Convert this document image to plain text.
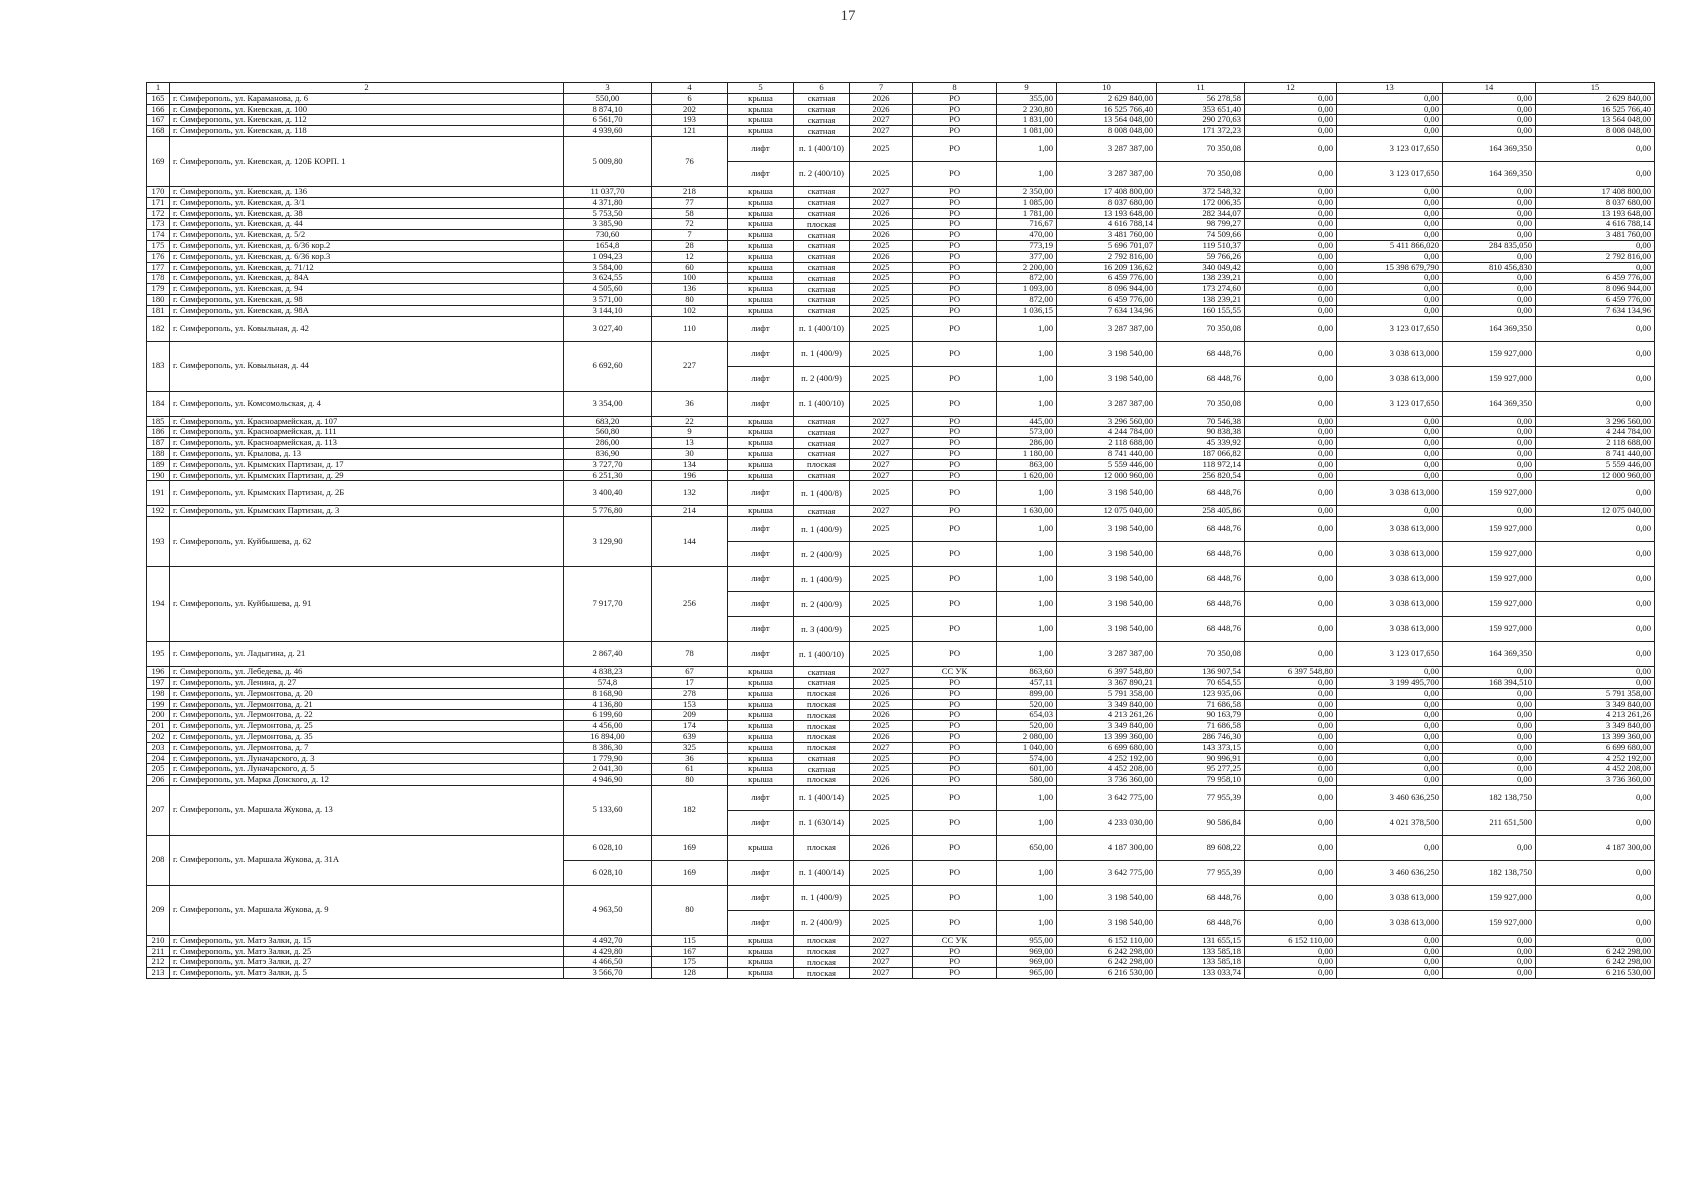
17
1	2	3	4	5	6	7	8	9	10	11	12	13	14	15
165	г. Симферополь, ул. Караманова, д. 6	550,00	6	крыша	скатная	2026	РО	355,00	2 629 840,00	56 278,58	0,00	0,00	0,00	2 629 840,00
166	г. Симферополь, ул. Киевская, д. 100	8 874,10	202	крыша	скатная	2026	РО	2 230,80	16 525 766,40	353 651,40	0,00	0,00	0,00	16 525 766,40
167	г. Симферополь, ул. Киевская, д. 112	6 561,70	193	крыша	скатная	2027	РО	1 831,00	13 564 048,00	290 270,63	0,00	0,00	0,00	13 564 048,00
168	г. Симферополь, ул. Киевская, д. 118	4 939,60	121	крыша	скатная	2027	РО	1 081,00	8 008 048,00	171 372,23	0,00	0,00	0,00	8 008 048,00
169	г. Симферополь, ул. Киевская, д. 120Б КОРП. 1	5 009,80	76	лифт	п. 1 (400/10)	2025	РО	1,00	3 287 387,00	70 350,08	0,00	3 123 017,650	164 369,350	0,00
				лифт	п. 2 (400/10)	2025	РО	1,00	3 287 387,00	70 350,08	0,00	3 123 017,650	164 369,350	0,00
170	г. Симферополь, ул. Киевская, д. 136	11 037,70	218	крыша	скатная	2027	РО	2 350,00	17 408 800,00	372 548,32	0,00	0,00	0,00	17 408 800,00
171	г. Симферополь, ул. Киевская, д. 3/1	4 371,80	77	крыша	скатная	2027	РО	1 085,00	8 037 680,00	172 006,35	0,00	0,00	0,00	8 037 680,00
172	г. Симферополь, ул. Киевская, д. 38	5 753,50	58	крыша	скатная	2026	РО	1 781,00	13 193 648,00	282 344,07	0,00	0,00	0,00	13 193 648,00
173	г. Симферополь, ул. Киевская, д. 44	3 385,90	72	крыша	плоская	2025	РО	716,67	4 616 788,14	98 799,27	0,00	0,00	0,00	4 616 788,14
174	г. Симферополь, ул. Киевская, д. 5/2	730,60	7	крыша	скатная	2026	РО	470,00	3 481 760,00	74 509,66	0,00	0,00	0,00	3 481 760,00
175	г. Симферополь, ул. Киевская, д. 6/36 кор.2	1654,8	28	крыша	скатная	2025	РО	773,19	5 696 701,07	119 510,37	0,00	5 411 866,020	284 835,050	0,00
176	г. Симферополь, ул. Киевская, д. 6/36 кор.3	1 094,23	12	крыша	скатная	2026	РО	377,00	2 792 816,00	59 766,26	0,00	0,00	0,00	2 792 816,00
177	г. Симферополь, ул. Киевская, д. 71/12	3 584,00	60	крыша	скатная	2025	РО	2 200,00	16 209 136,62	340 049,42	0,00	15 398 679,790	810 456,830	0,00
178	г. Симферополь, ул. Киевская, д. 84А	3 624,55	100	крыша	скатная	2025	РО	872,00	6 459 776,00	138 239,21	0,00	0,00	0,00	6 459 776,00
179	г. Симферополь, ул. Киевская, д. 94	4 505,60	136	крыша	скатная	2025	РО	1 093,00	8 096 944,00	173 274,60	0,00	0,00	0,00	8 096 944,00
180	г. Симферополь, ул. Киевская, д. 98	3 571,00	80	крыша	скатная	2025	РО	872,00	6 459 776,00	138 239,21	0,00	0,00	0,00	6 459 776,00
181	г. Симферополь, ул. Киевская, д. 98А	3 144,10	102	крыша	скатная	2025	РО	1 036,15	7 634 134,96	160 155,55	0,00	0,00	0,00	7 634 134,96
182	г. Симферополь, ул. Ковыльная, д. 42	3 027,40	110	лифт	п. 1 (400/10)	2025	РО	1,00	3 287 387,00	70 350,08	0,00	3 123 017,650	164 369,350	0,00
183	г. Симферополь, ул. Ковыльная, д. 44	6 692,60	227	лифт	п. 1 (400/9)	2025	РО	1,00	3 198 540,00	68 448,76	0,00	3 038 613,000	159 927,000	0,00
				лифт	п. 2 (400/9)	2025	РО	1,00	3 198 540,00	68 448,76	0,00	3 038 613,000	159 927,000	0,00
184	г. Симферополь, ул. Комсомольская, д. 4	3 354,00	36	лифт	п. 1 (400/10)	2025	РО	1,00	3 287 387,00	70 350,08	0,00	3 123 017,650	164 369,350	0,00
185	г. Симферополь, ул. Красноармейская, д. 107	683,20	22	крыша	скатная	2027	РО	445,00	3 296 560,00	70 546,38	0,00	0,00	0,00	3 296 560,00
186	г. Симферополь, ул. Красноармейская, д. 111	560,80	9	крыша	скатная	2027	РО	573,00	4 244 784,00	90 838,38	0,00	0,00	0,00	4 244 784,00
187	г. Симферополь, ул. Красноармейская, д. 113	286,00	13	крыша	скатная	2027	РО	286,00	2 118 688,00	45 339,92	0,00	0,00	0,00	2 118 688,00
188	г. Симферополь, ул. Крылова, д. 13	836,90	30	крыша	скатная	2027	РО	1 180,00	8 741 440,00	187 066,82	0,00	0,00	0,00	8 741 440,00
189	г. Симферополь, ул. Крымских Партизан, д. 17	3 727,70	134	крыша	плоская	2027	РО	863,00	5 559 446,00	118 972,14	0,00	0,00	0,00	5 559 446,00
190	г. Симферополь, ул. Крымских Партизан, д. 29	6 251,30	196	крыша	скатная	2027	РО	1 620,00	12 000 960,00	256 820,54	0,00	0,00	0,00	12 000 960,00
191	г. Симферополь, ул. Крымских Партизан, д. 2Б	3 400,40	132	лифт	п. 1 (400/8)	2025	РО	1,00	3 198 540,00	68 448,76	0,00	3 038 613,000	159 927,000	0,00
192	г. Симферополь, ул. Крымских Партизан, д. 3	5 776,80	214	крыша	скатная	2027	РО	1 630,00	12 075 040,00	258 405,86	0,00	0,00	0,00	12 075 040,00
193	г. Симферополь, ул. Куйбышева, д. 62	3 129,90	144	лифт	п. 1 (400/9)	2025	РО	1,00	3 198 540,00	68 448,76	0,00	3 038 613,000	159 927,000	0,00
				лифт	п. 2 (400/9)	2025	РО	1,00	3 198 540,00	68 448,76	0,00	3 038 613,000	159 927,000	0,00
194	г. Симферополь, ул. Куйбышева, д. 91	7 917,70	256	лифт	п. 1 (400/9)	2025	РО	1,00	3 198 540,00	68 448,76	0,00	3 038 613,000	159 927,000	0,00
				лифт	п. 2 (400/9)	2025	РО	1,00	3 198 540,00	68 448,76	0,00	3 038 613,000	159 927,000	0,00
				лифт	п. 3 (400/9)	2025	РО	1,00	3 198 540,00	68 448,76	0,00	3 038 613,000	159 927,000	0,00
195	г. Симферополь, ул. Ладыгина, д. 21	2 867,40	78	лифт	п. 1 (400/10)	2025	РО	1,00	3 287 387,00	70 350,08	0,00	3 123 017,650	164 369,350	0,00
196	г. Симферополь, ул. Лебедева, д. 46	4 838,23	67	крыша	скатная	2027	СС УК	863,60	6 397 548,80	136 907,54	6 397 548,80	0,00	0,00	0,00
197	г. Симферополь, ул. Ленина, д. 27	574,8	17	крыша	скатная	2025	РО	457,11	3 367 890,21	70 654,55	0,00	3 199 495,700	168 394,510	0,00
198	г. Симферополь, ул. Лермонтова, д. 20	8 168,90	278	крыша	плоская	2026	РО	899,00	5 791 358,00	123 935,06	0,00	0,00	0,00	5 791 358,00
199	г. Симферополь, ул. Лермонтова, д. 21	4 136,80	153	крыша	плоская	2025	РО	520,00	3 349 840,00	71 686,58	0,00	0,00	0,00	3 349 840,00
200	г. Симферополь, ул. Лермонтова, д. 22	6 199,60	209	крыша	плоская	2026	РО	654,03	4 213 261,26	90 163,79	0,00	0,00	0,00	4 213 261,26
201	г. Симферополь, ул. Лермонтова, д. 25	4 456,00	174	крыша	плоская	2025	РО	520,00	3 349 840,00	71 686,58	0,00	0,00	0,00	3 349 840,00
202	г. Симферополь, ул. Лермонтова, д. 35	16 894,00	639	крыша	плоская	2026	РО	2 080,00	13 399 360,00	286 746,30	0,00	0,00	0,00	13 399 360,00
203	г. Симферополь, ул. Лермонтова, д. 7	8 386,30	325	крыша	плоская	2027	РО	1 040,00	6 699 680,00	143 373,15	0,00	0,00	0,00	6 699 680,00
204	г. Симферополь, ул. Луначарского, д. 3	1 779,90	36	крыша	скатная	2025	РО	574,00	4 252 192,00	90 996,91	0,00	0,00	0,00	4 252 192,00
205	г. Симферополь, ул. Луначарского, д. 5	2 041,30	61	крыша	скатная	2025	РО	601,00	4 452 208,00	95 277,25	0,00	0,00	0,00	4 452 208,00
206	г. Симферополь, ул. Марка Донского, д. 12	4 946,90	80	крыша	плоская	2026	РО	580,00	3 736 360,00	79 958,10	0,00	0,00	0,00	3 736 360,00
207	г. Симферополь, ул. Маршала Жукова, д. 13	5 133,60	182	лифт	п. 1 (400/14)	2025	РО	1,00	3 642 775,00	77 955,39	0,00	3 460 636,250	182 138,750	0,00
				лифт	п. 1 (630/14)	2025	РО	1,00	4 233 030,00	90 586,84	0,00	4 021 378,500	211 651,500	0,00
208	г. Симферополь, ул. Маршала Жукова, д. 31А	6 028,10	169	крыша	плоская	2026	РО	650,00	4 187 300,00	89 608,22	0,00	0,00	0,00	4 187 300,00
		6 028,10	169	лифт	п. 1 (400/14)	2025	РО	1,00	3 642 775,00	77 955,39	0,00	3 460 636,250	182 138,750	0,00
209	г. Симферополь, ул. Маршала Жукова, д. 9	4 963,50	80	лифт	п. 1 (400/9)	2025	РО	1,00	3 198 540,00	68 448,76	0,00	3 038 613,000	159 927,000	0,00
				лифт	п. 2 (400/9)	2025	РО	1,00	3 198 540,00	68 448,76	0,00	3 038 613,000	159 927,000	0,00
210	г. Симферополь, ул. Матэ Залки, д. 15	4 492,70	115	крыша	плоская	2027	СС УК	955,00	6 152 110,00	131 655,15	6 152 110,00	0,00	0,00	0,00
211	г. Симферополь, ул. Матэ Залки, д. 25	4 429,80	167	крыша	плоская	2027	РО	969,00	6 242 298,00	133 585,18	0,00	0,00	0,00	6 242 298,00
212	г. Симферополь, ул. Матэ Залки, д. 27	4 466,50	175	крыша	плоская	2027	РО	969,00	6 242 298,00	133 585,18	0,00	0,00	0,00	6 242 298,00
213	г. Симферополь, ул. Матэ Залки, д. 5	3 566,70	128	крыша	плоская	2027	РО	965,00	6 216 530,00	133 033,74	0,00	0,00	0,00	6 216 530,00
